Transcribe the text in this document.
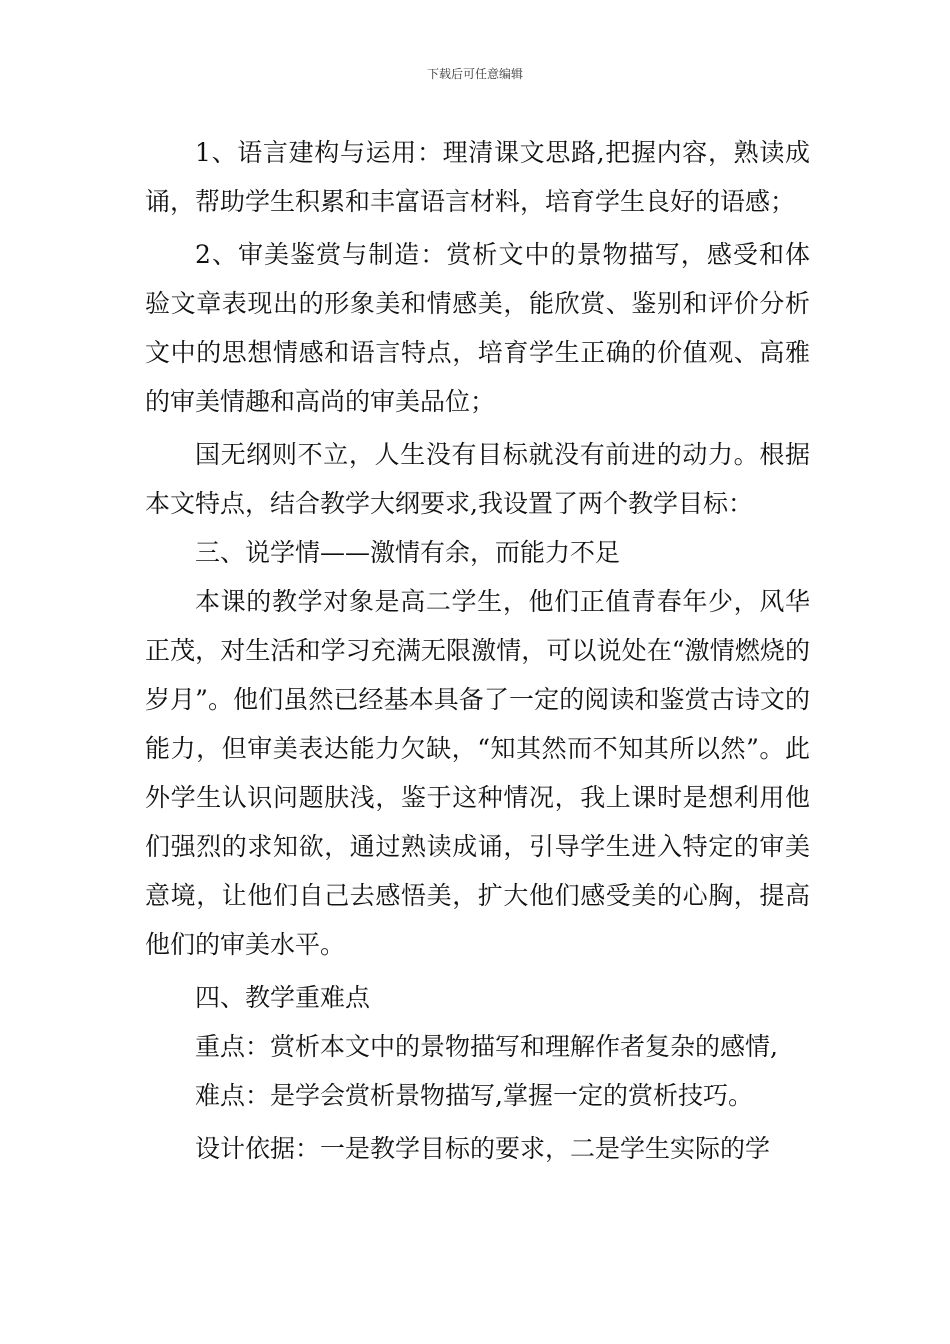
下载后可任意编辑

1、语言建构与运用：理清课文思路,把握内容，熟读成诵，帮助学生积累和丰富语言材料，培育学生良好的语感；

2、审美鉴赏与制造：赏析文中的景物描写，感受和体验文章表现出的形象美和情感美，能欣赏、鉴别和评价分析文中的思想情感和语言特点，培育学生正确的价值观、高雅的审美情趣和高尚的审美品位；

国无纲则不立，人生没有目标就没有前进的动力。根据本文特点，结合教学大纲要求,我设置了两个教学目标：

三、说学情——激情有余，而能力不足

本课的教学对象是高二学生，他们正值青春年少，风华正茂，对生活和学习充满无限激情，可以说处在“激情燃烧的岁月”。他们虽然已经基本具备了一定的阅读和鉴赏古诗文的能力，但审美表达能力欠缺，“知其然而不知其所以然”。此外学生认识问题肤浅，鉴于这种情况，我上课时是想利用他们强烈的求知欲，通过熟读成诵，引导学生进入特定的审美意境，让他们自己去感悟美，扩大他们感受美的心胸，提高他们的审美水平。

四、教学重难点

重点：赏析本文中的景物描写和理解作者复杂的感情,

难点：是学会赏析景物描写,掌握一定的赏析技巧。

设计依据：一是教学目标的要求，二是学生实际的学
